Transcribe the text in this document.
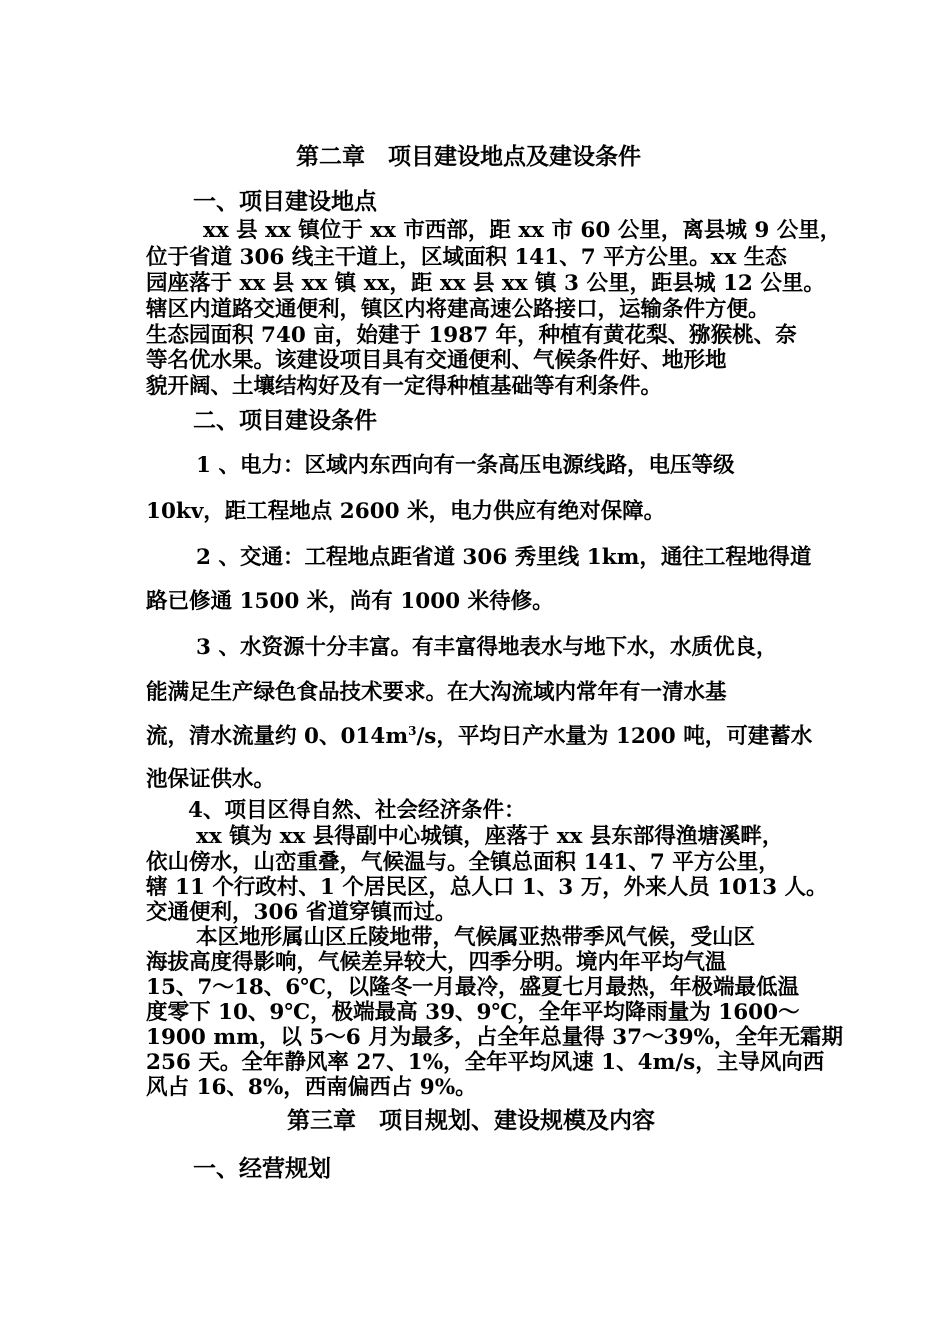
第二章　项目建设地点及建设条件

一、项目建设地点

xx 县 xx 镇位于 xx 市西部，距 xx 市 60 公里，离县城 9 公里，

位于省道 306 线主干道上，区域面积 141、7 平方公里。xx 生态

园座落于 xx 县 xx 镇 xx，距 xx 县 xx 镇 3 公里，距县城 12 公里。

辖区内道路交通便利，镇区内将建高速公路接口，运输条件方便。

生态园面积 740 亩，始建于 1987 年，种植有黄花梨、猕猴桃、奈

等名优水果。该建设项目具有交通便利、气候条件好、地形地

貌开阔、土壤结构好及有一定得种植基础等有利条件。

二、项目建设条件

1 、电力：区域内东西向有一条高压电源线路，电压等级

10kv，距工程地点 2600 米，电力供应有绝对保障。

2 、交通：工程地点距省道 306 秀里线 1km，通往工程地得道

路已修通 1500 米，尚有 1000 米待修。

3 、水资源十分丰富。有丰富得地表水与地下水，水质优良，

能满足生产绿色食品技术要求。在大沟流域内常年有一清水基

流，清水流量约 0、$014m^3/s$，平均日产水量为 1200 吨，可建蓄水

池保证供水。

4、项目区得自然、社会经济条件：

xx 镇为 xx 县得副中心城镇，座落于 xx 县东部得渔塘溪畔，

依山傍水，山峦重叠，气候温与。全镇总面积 141、7 平方公里，

辖 11 个行政村、1 个居民区，总人口 1、3 万，外来人员 1013 人。

交通便利，306 省道穿镇而过。

本区地形属山区丘陵地带，气候属亚热带季风气候，受山区

海拔高度得影响，气候差异较大，四季分明。境内年平均气温

15、7～18、6℃，以隆冬一月最冷，盛夏七月最热，年极端最低温

度零下 10、9℃，极端最高 39、9℃，全年平均降雨量为 1600～

1900 mm，以 5～6 月为最多，占全年总量得 37～39%，全年无霜期

256 天。全年静风率 27、1%，全年平均风速 1、4m/s，主导风向西

风占 16、8%，西南偏西占 9%。

第三章　项目规划、建设规模及内容

一、经营规划
